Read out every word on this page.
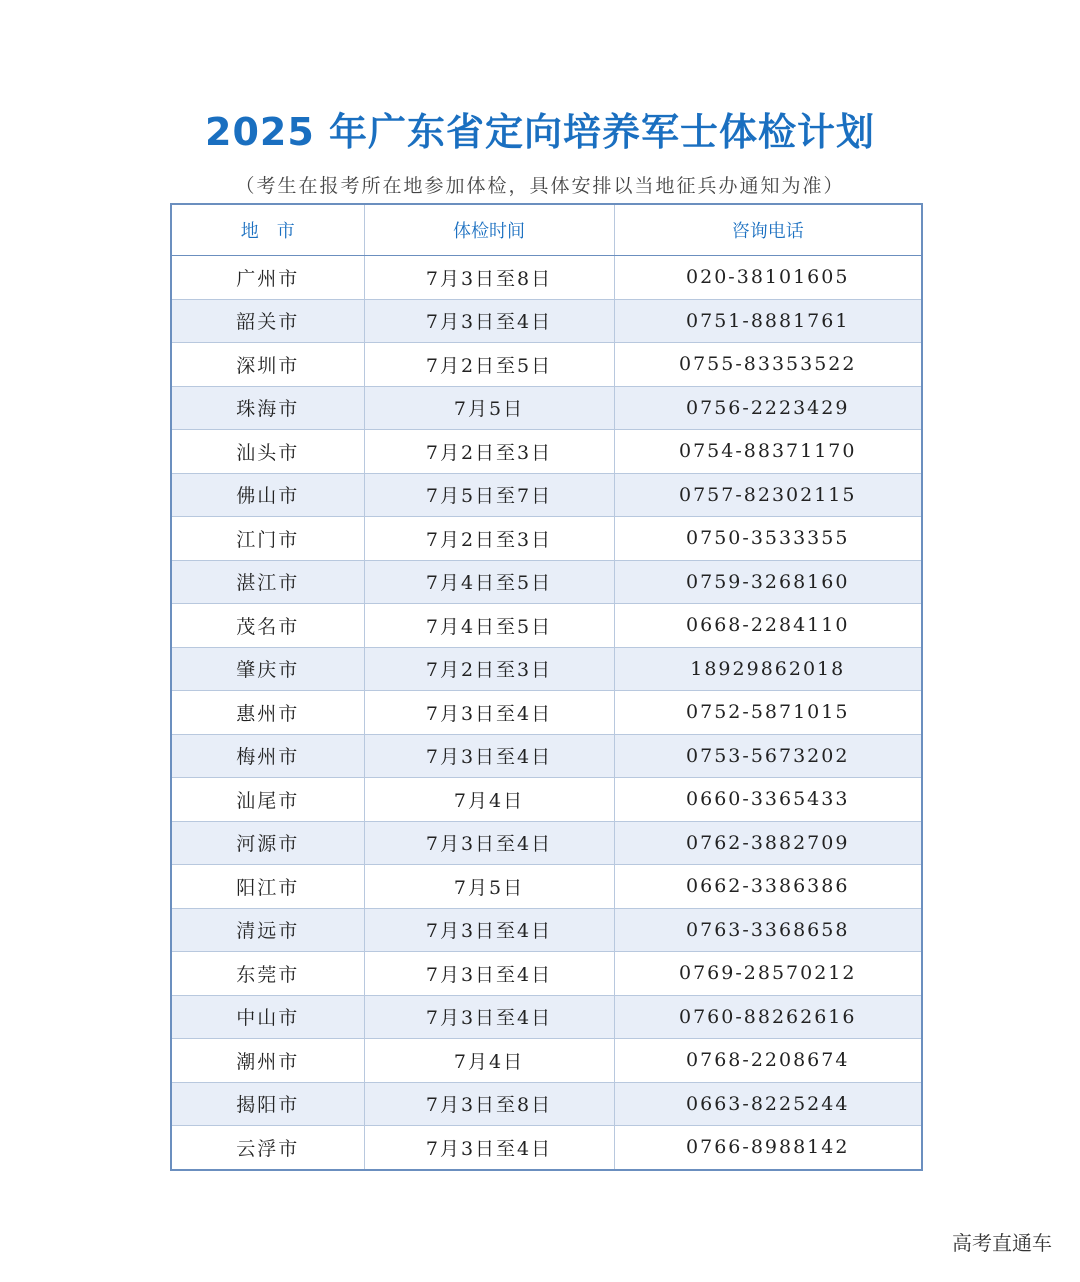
2025 年广东省定向培养军士体检计划
（考生在报考所在地参加体检，具体安排以当地征兵办通知为准）
地　市	体检时间	咨询电话
广州市	7月3日至8日	020-38101605
韶关市	7月3日至4日	0751-8881761
深圳市	7月2日至5日	0755-83353522
珠海市	7月5日	0756-2223429
汕头市	7月2日至3日	0754-88371170
佛山市	7月5日至7日	0757-82302115
江门市	7月2日至3日	0750-3533355
湛江市	7月4日至5日	0759-3268160
茂名市	7月4日至5日	0668-2284110
肇庆市	7月2日至3日	18929862018
惠州市	7月3日至4日	0752-5871015
梅州市	7月3日至4日	0753-5673202
汕尾市	7月4日	0660-3365433
河源市	7月3日至4日	0762-3882709
阳江市	7月5日	0662-3386386
清远市	7月3日至4日	0763-3368658
东莞市	7月3日至4日	0769-28570212
中山市	7月3日至4日	0760-88262616
潮州市	7月4日	0768-2208674
揭阳市	7月3日至8日	0663-8225244
云浮市	7月3日至4日	0766-8988142
高考直通车
